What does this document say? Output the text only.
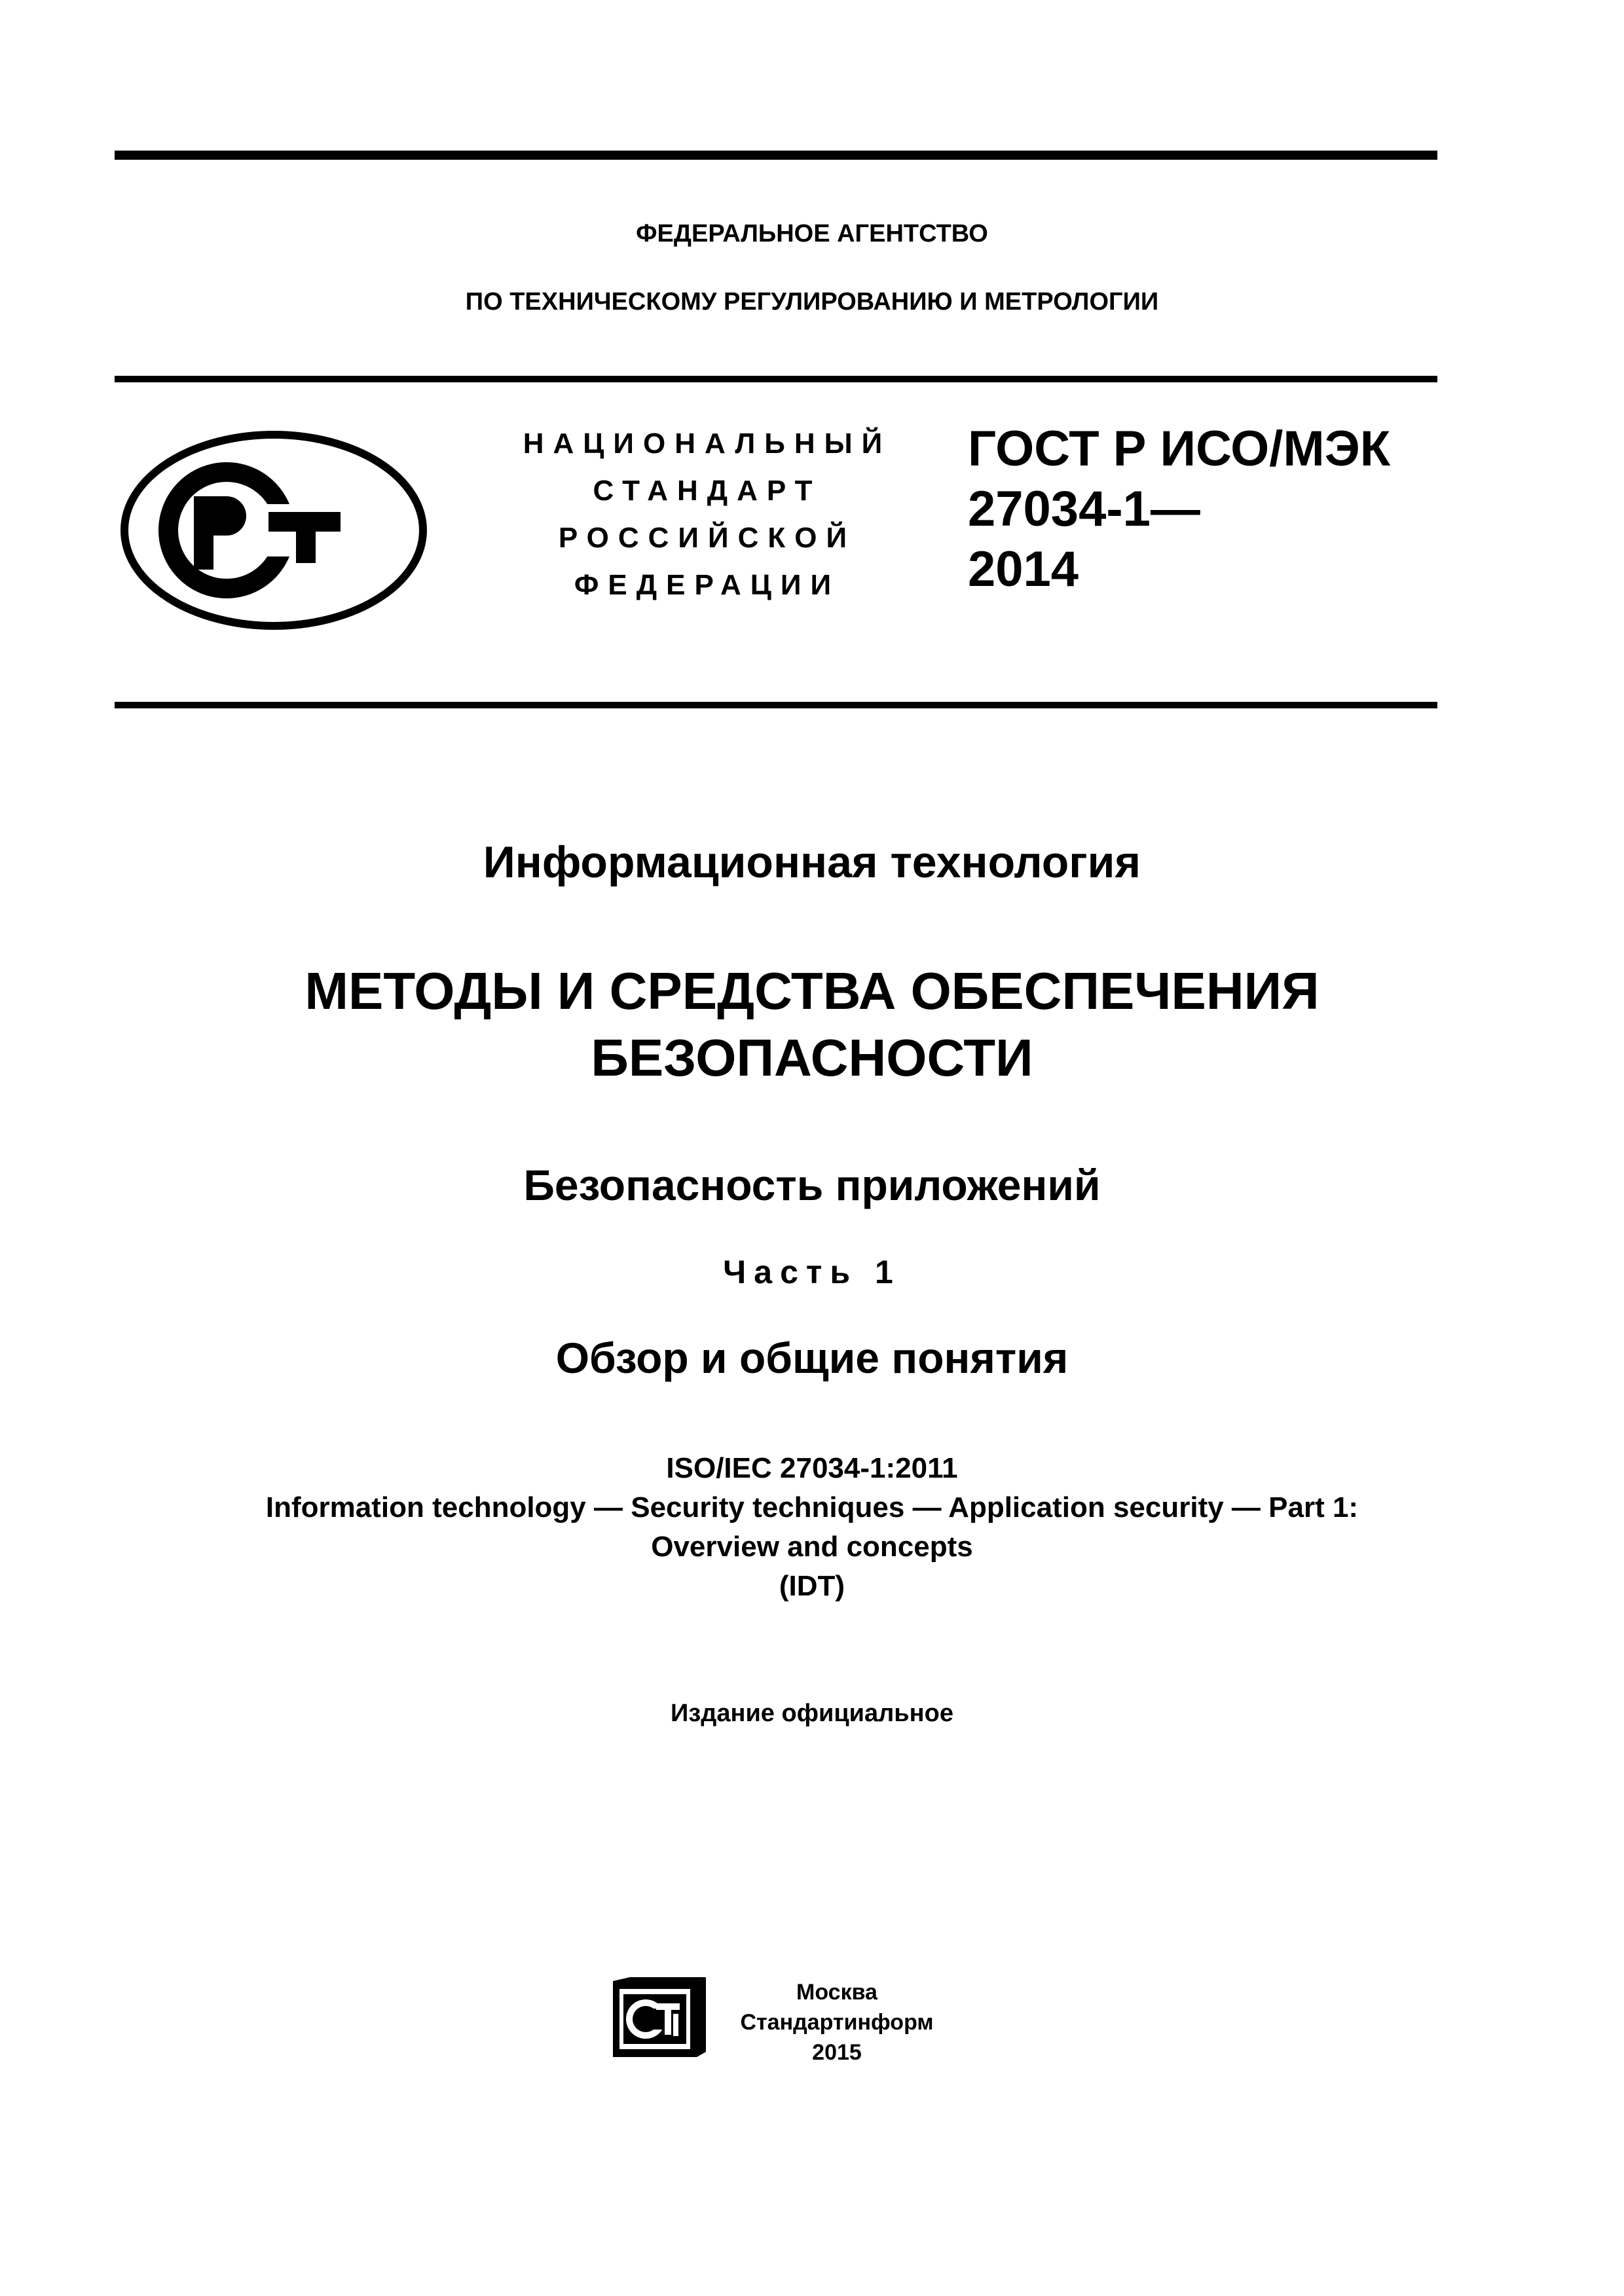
ФЕДЕРАЛЬНОЕ АГЕНТСТВО
ПО ТЕХНИЧЕСКОМУ РЕГУЛИРОВАНИЮ И МЕТРОЛОГИИ
НАЦИОНАЛЬНЫЙ
СТАНДАРТ
РОССИЙСКОЙ
ФЕДЕРАЦИИ
ГОСТ Р ИСО/МЭК
27034-1—
2014
Информационная технология
МЕТОДЫ И СРЕДСТВА ОБЕСПЕЧЕНИЯ
БЕЗОПАСНОСТИ
Безопасность приложений
Часть 1
Обзор и общие понятия
ISO/IEC 27034-1:2011
Information technology — Security techniques — Application security — Part 1:
Overview and concepts
(IDT)
Издание официальное
Москва
Стандартинформ
2015
